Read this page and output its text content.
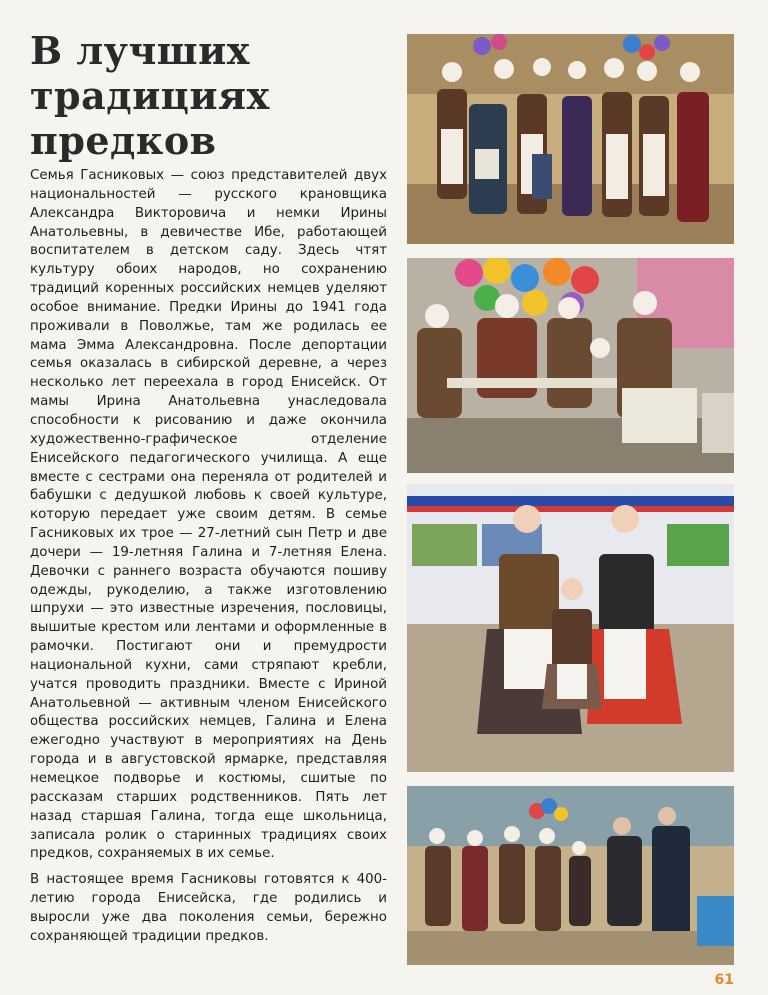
В лучших традициях предков

Семья Гасниковых — союз представителей двух национальностей — русского крановщика Александра Викторовича и немки Ирины Анатольевны, в девичестве Ибе, работающей воспитателем в детском саду. Здесь чтят культуру обоих народов, но сохранению традиций коренных российских немцев уделяют особое внимание. Предки Ирины до 1941 года проживали в Поволжье, там же родилась ее мама Эмма Александровна. После депортации семья оказалась в сибирской деревне, а через несколько лет переехала в город Енисейск. От мамы Ирина Анатольевна унаследовала способности к рисованию и даже окончила художественно-графическое отделение Енисейского педагогического училища. А еще вместе с сестрами она переняла от родителей и бабушки с дедушкой любовь к своей культуре, которую передает уже своим детям. В семье Гасниковых их трое — 27-летний сын Петр и две дочери — 19-летняя Галина и 7-летняя Елена. Девочки с раннего возраста обучаются пошиву одежды, рукоделию, а также изготовлению шпрухи — это известные изречения, пословицы, вышитые крестом или лентами и оформленные в рамочки. Постигают они и премудрости национальной кухни, сами стряпают кребли, учатся проводить праздники. Вместе с Ириной Анатольевной — активным членом Енисейского общества российских немцев, Галина и Елена ежегодно участвуют в мероприятиях на День города и в августовской ярмарке, представляя немецкое подворье и костюмы, сшитые по рассказам старших родственников. Пять лет назад старшая Галина, тогда еще школьница, записала ролик о старинных традициях своих предков, сохраняемых в их семье.

В настоящее время Гасниковы готовятся к 400-летию города Енисейска, где родились и выросли уже два поколения семьи, бережно сохраняющей традиции предков.

61
